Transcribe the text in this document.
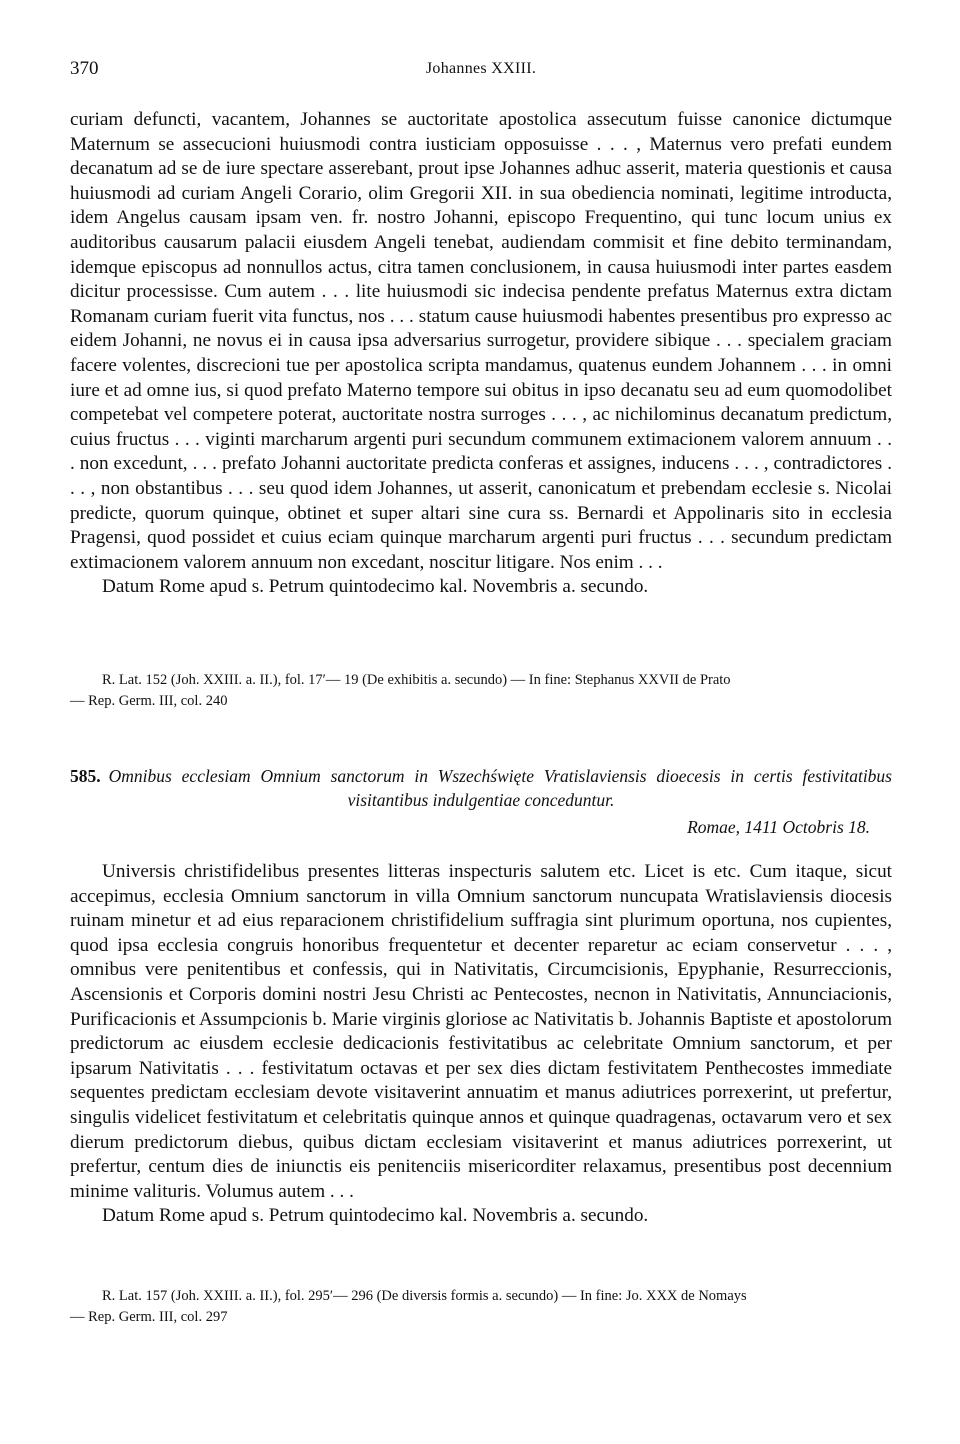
370	Johannes XXIII.

curiam defuncti, vacantem, Johannes se auctoritate apostolica assecutum fuisse canonice dictumque Maternum se assecucioni huiusmodi contra iusticiam opposuisse . . . , Maternus vero prefati eundem decanatum ad se de iure spectare asserebant, prout ipse Johannes adhuc asserit, materia questionis et causa huiusmodi ad curiam Angeli Corario, olim Gregorii XII. in sua obediencia nominati, legitime introducta, idem Angelus causam ipsam ven. fr. nostro Johanni, episcopo Frequentino, qui tunc locum unius ex auditoribus causarum palacii eiusdem Angeli tenebat, audiendam commisit et fine debito terminandam, idemque episcopus ad nonnullos actus, citra tamen conclusionem, in causa huiusmodi inter partes easdem dicitur processisse. Cum autem . . . lite huiusmodi sic indecisa pendente prefatus Maternus extra dictam Romanam curiam fuerit vita functus, nos . . . statum cause huiusmodi habentes presentibus pro expresso ac eidem Johanni, ne novus ei in causa ipsa adversarius surrogetur, providere sibique . . . specialem graciam facere volentes, discrecioni tue per apostolica scripta mandamus, quatenus eundem Johannem . . . in omni iure et ad omne ius, si quod prefato Materno tempore sui obitus in ipso decanatu seu ad eum quomodolibet competebat vel competere poterat, auctoritate nostra surroges . . . , ac nichilominus decanatum predictum, cuius fructus . . . viginti marcharum argenti puri secundum communem extimacionem valorem annuum . . . non excedunt, . . . prefato Johanni auctoritate predicta conferas et assignes, inducens . . . , contradictores . . . , non obstantibus . . . seu quod idem Johannes, ut asserit, canonicatum et prebendam ecclesie s. Nicolai predicte, quorum quinque, obtinet et super altari sine cura ss. Bernardi et Appolinaris sito in ecclesia Pragensi, quod possidet et cuius eciam quinque marcharum argenti puri fructus . . . secundum predictam extimacionem valorem annuum non excedant, noscitur litigare. Nos enim . . .

Datum Rome apud s. Petrum quintodecimo kal. Novembris a. secundo.

R. Lat. 152 (Joh. XXIII. a. II.), fol. 17′— 19 (De exhibitis a. secundo) — In fine: Stephanus XXVII de Prato

— Rep. Germ. III, col. 240

585. Omnibus ecclesiam Omnium sanctorum in Wszechświęte Vratislaviensis dioecesis in certis festivitatibus
visitantibus indulgentiae conceduntur.
Romae, 1411 Octobris 18.

Universis christifidelibus presentes litteras inspecturis salutem etc. Licet is etc. Cum itaque, sicut accepimus, ecclesia Omnium sanctorum in villa Omnium sanctorum nuncupata Wratislaviensis diocesis ruinam minetur et ad eius reparacionem christifidelium suffragia sint plurimum oportuna, nos cupientes, quod ipsa ecclesia congruis honoribus frequentetur et decenter reparetur ac eciam conservetur . . . , omnibus vere penitentibus et confessis, qui in Nativitatis, Circumcisionis, Epyphanie, Resurreccionis, Ascensionis et Corporis domini nostri Jesu Christi ac Pentecostes, necnon in Nativitatis, Annunciacionis, Purificacionis et Assumpcionis b. Marie virginis gloriose ac Nativitatis b. Johannis Baptiste et apostolorum predictorum ac eiusdem ecclesie dedicacionis festivitatibus ac celebritate Omnium sanctorum, et per ipsarum Nativitatis . . . festivitatum octavas et per sex dies dictam festivitatem Penthecostes immediate sequentes predictam ecclesiam devote visitaverint annuatim et manus adiutrices porrexerint, ut prefertur, singulis videlicet festivitatum et celebritatis quinque annos et quinque quadragenas, octavarum vero et sex dierum predictorum diebus, quibus dictam ecclesiam visitaverint et manus adiutrices porrexerint, ut prefertur, centum dies de iniunctis eis penitenciis misericorditer relaxamus, presentibus post decennium minime valituris. Volumus autem . . .

Datum Rome apud s. Petrum quintodecimo kal. Novembris a. secundo.

R. Lat. 157 (Joh. XXIII. a. II.), fol. 295′— 296 (De diversis formis a. secundo) — In fine: Jo. XXX de Nomays

— Rep. Germ. III, col. 297
